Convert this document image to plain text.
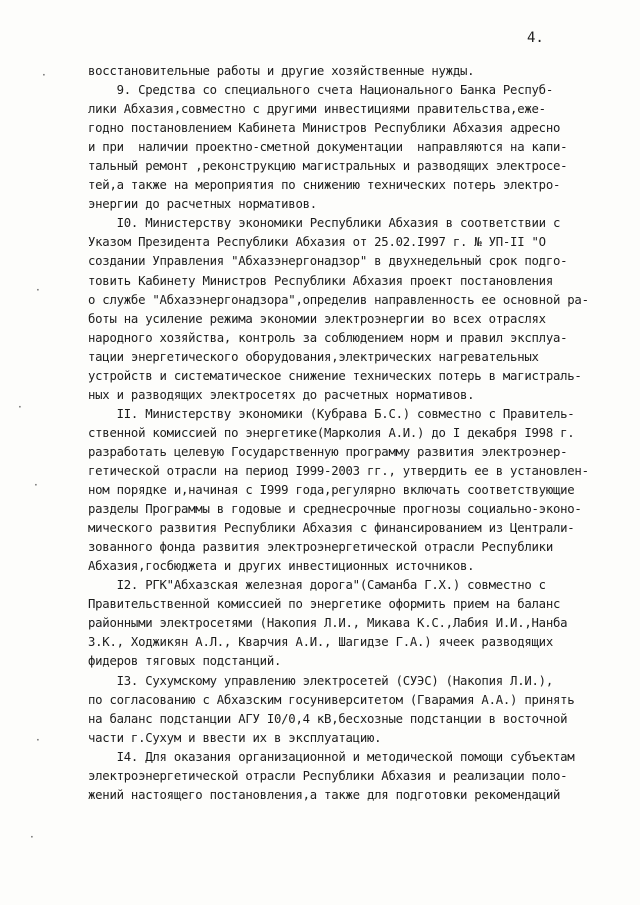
4.
·
·
·
·
·
·
восстановительные работы и другие хозяйственные нужды.
9. Средства со специального счета Национального Банка Респуб-
лики Абхазия,совместно с другими инвестициями правительства,еже-
годно постановлением Кабинета Министров Республики Абхазия адресно
и при  наличии проектно-сметной документации  направляются на капи-
тальный ремонт ,реконструкцию магистральных и разводящих электросе-
тей,а также на мероприятия по снижению технических потерь электро-
энергии до расчетных нормативов.
I0. Министерству экономики Республики Абхазия в соответствии с
Указом Президента Республики Абхазия от 25.02.I997 г. № УП-II "О
создании Управления "Абхазэнергонадзор" в двухнедельный срок подго-
товить Кабинету Министров Республики Абхазия проект постановления
о службе "Абхазэнергонадзора",определив направленность ее основной ра-
боты на усиление режима экономии электроэнергии во всех отраслях
народного хозяйства, контроль за соблюдением норм и правил эксплуа-
тации энергетического оборудования,электрических нагревательных
устройств и систематическое снижение технических потерь в магистраль-
ных и разводящих электросетях до расчетных нормативов.
II. Министерству экономики (Кубрава Б.С.) совместно с Правитель-
ственной комиссией по энергетике(Марколия А.И.) до I декабря I998 г.
разработать целевую Государственную программу развития электроэнер-
гетической отрасли на период I999-2003 гг., утвердить ее в установлен-
ном порядке и,начиная с I999 года,регулярно включать соответствующие
разделы Программы в годовые и среднесрочные прогнозы социально-эконо-
мического развития Республики Абхазия с финансированием из Централи-
зованного фонда развития электроэнергетической отрасли Республики
Абхазия,госбюджета и других инвестиционных источников.
I2. РГК"Абхазская железная дорога"(Саманба Г.Х.) совместно с
Правительственной комиссией по энергетике оформить прием на баланс
районными электросетями (Накопия Л.И., Микава К.С.,Лабия И.И.,Нанба
З.К., Ходжикян А.Л., Кварчия А.И., Шагидзе Г.А.) ячеек разводящих
фидеров тяговых подстанций.
I3. Сухумскому управлению электросетей (СУЭС) (Накопия Л.И.),
по согласованию с Абхазским госуниверситетом (Гварамия А.А.) принять
на баланс подстанции АГУ I0/0,4 кВ,бесхозные подстанции в восточной
части г.Сухум и ввести их в эксплуатацию.
I4. Для оказания организационной и методической помощи субъектам
электроэнергетической отрасли Республики Абхазия и реализации поло-
жений настоящего постановления,а также для подготовки рекомендаций
